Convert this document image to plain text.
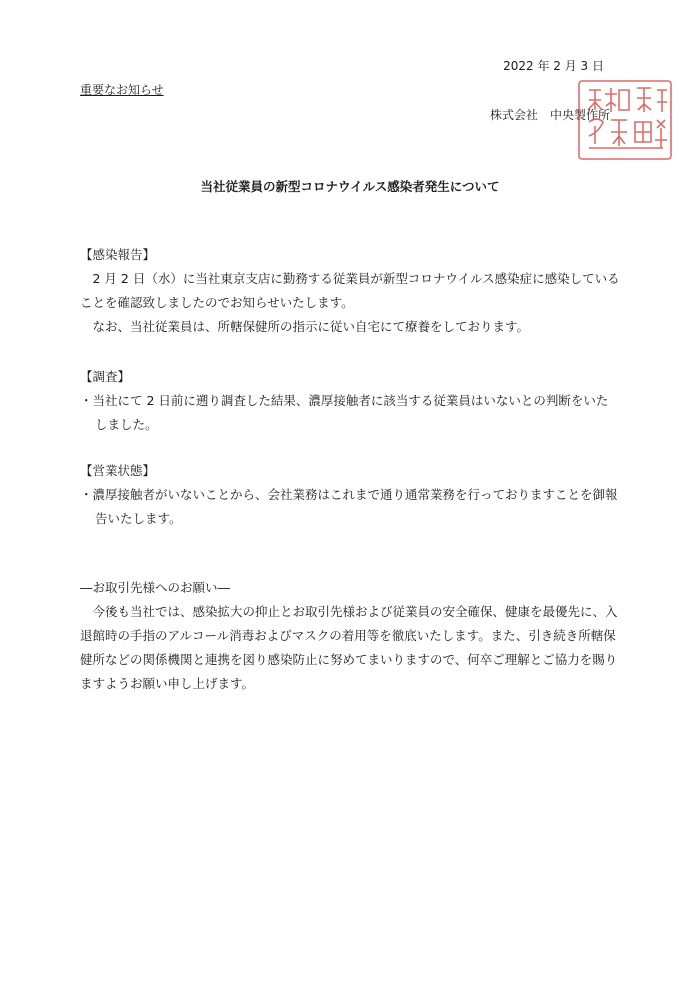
2022 年 2 月 3 日
重要なお知らせ
株式会社　中央製作所
当社従業員の新型コロナウイルス感染者発生について
【感染報告】

2 月 2 日（水）に当社東京支店に勤務する従業員が新型コロナウイルス感染症に感染していることを確認致しましたのでお知らせいたします。

なお、当社従業員は、所轄保健所の指示に従い自宅にて療養をしております。

【調査】

・当社にて 2 日前に遡り調査した結果、濃厚接触者に該当する従業員はいないとの判断をいたしました。

【営業状態】

・濃厚接触者がいないことから、会社業務はこれまで通り通常業務を行っておりますことを御報告いたします。

―お取引先様へのお願い―

今後も当社では、感染拡大の抑止とお取引先様および従業員の安全確保、健康を最優先に、入退館時の手指のアルコール消毒およびマスクの着用等を徹底いたします。また、引き続き所轄保健所などの関係機関と連携を図り感染防止に努めてまいりますので、何卒ご理解とご協力を賜りますようお願い申し上げます。
